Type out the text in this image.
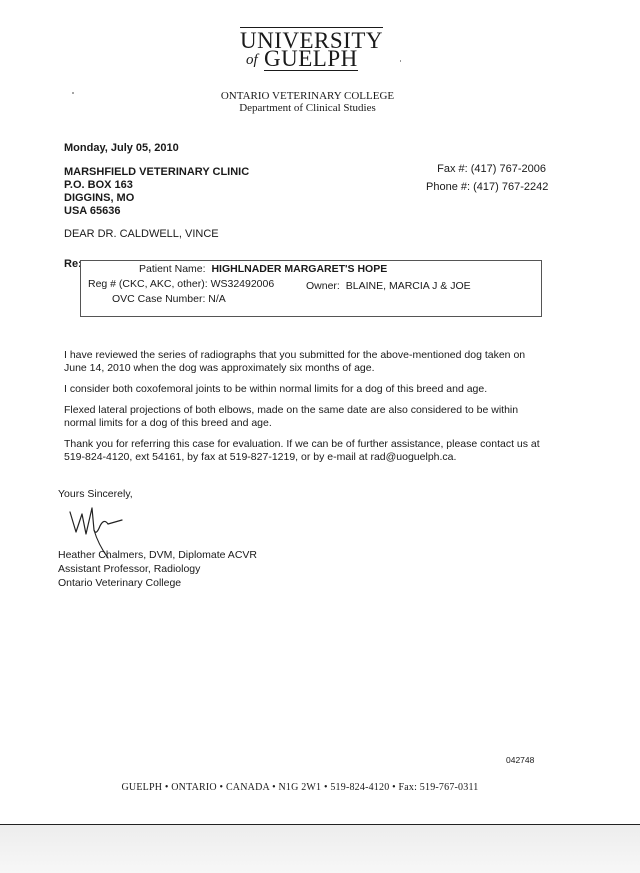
UNIVERSITY
of GUELPH
ONTARIO VETERINARY COLLEGE
Department of Clinical Studies
Monday, July 05, 2010
MARSHFIELD VETERINARY CLINIC
P.O. BOX 163
DIGGINS, MO
USA 65636
Fax #: (417) 767-2006
Phone #: (417) 767-2242
DEAR DR. CALDWELL, VINCE
Re:	Patient Name: HIGHLNADER MARGARET'S HOPE
Reg # (CKC, AKC, other): WS32492006	Owner: BLAINE, MARCIA J & JOE
OVC Case Number: N/A
I have reviewed the series of radiographs that you submitted for the above-mentioned dog taken on
June 14, 2010 when the dog was approximately six months of age.
I consider both coxofemoral joints to be within normal limits for a dog of this breed and age.
Flexed lateral projections of both elbows, made on the same date are also considered to be within
normal limits for a dog of this breed and age.
Thank you for referring this case for evaluation. If we can be of further assistance, please contact us at
519-824-4120, ext 54161, by fax at 519-827-1219, or by e-mail at rad@uoguelph.ca.
Yours Sincerely,
Heather Chalmers, DVM, Diplomate ACVR
Assistant Professor, Radiology
Ontario Veterinary College
042748
GUELPH • ONTARIO • CANADA • N1G 2W1 • 519-824-4120 • Fax: 519-767-0311
